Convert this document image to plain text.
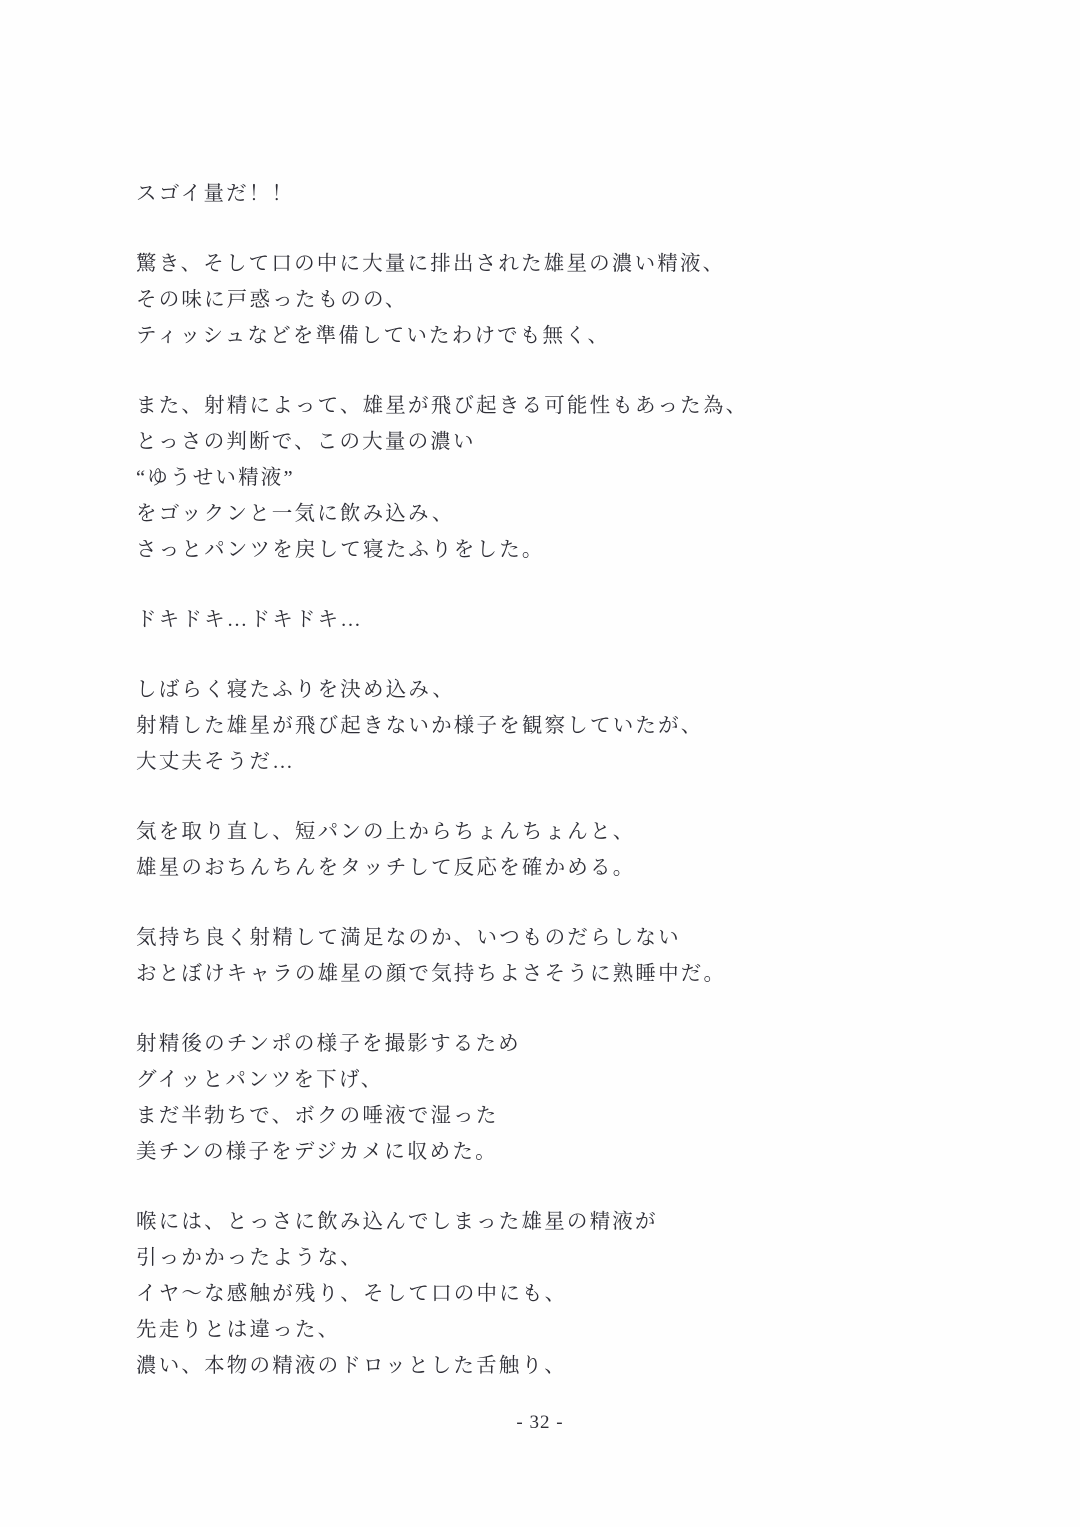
スゴイ量だ！！
驚き、そして口の中に大量に排出された雄星の濃い精液、
その味に戸惑ったものの、
ティッシュなどを準備していたわけでも無く、
また、射精によって、雄星が飛び起きる可能性もあった為、
とっさの判断で、この大量の濃い
“ゆうせい精液”
をゴックンと一気に飲み込み、
さっとパンツを戻して寝たふりをした。
ドキドキ…ドキドキ…
しばらく寝たふりを決め込み、
射精した雄星が飛び起きないか様子を観察していたが、
大丈夫そうだ…
気を取り直し、短パンの上からちょんちょんと、
雄星のおちんちんをタッチして反応を確かめる。
気持ち良く射精して満足なのか、いつものだらしない
おとぼけキャラの雄星の顔で気持ちよさそうに熟睡中だ。
射精後のチンポの様子を撮影するため
グイッとパンツを下げ、
まだ半勃ちで、ボクの唾液で湿った
美チンの様子をデジカメに収めた。
喉には、とっさに飲み込んでしまった雄星の精液が
引っかかったような、
イヤ〜な感触が残り、そして口の中にも、
先走りとは違った、
濃い、本物の精液のドロッとした舌触り、
- 32 -
